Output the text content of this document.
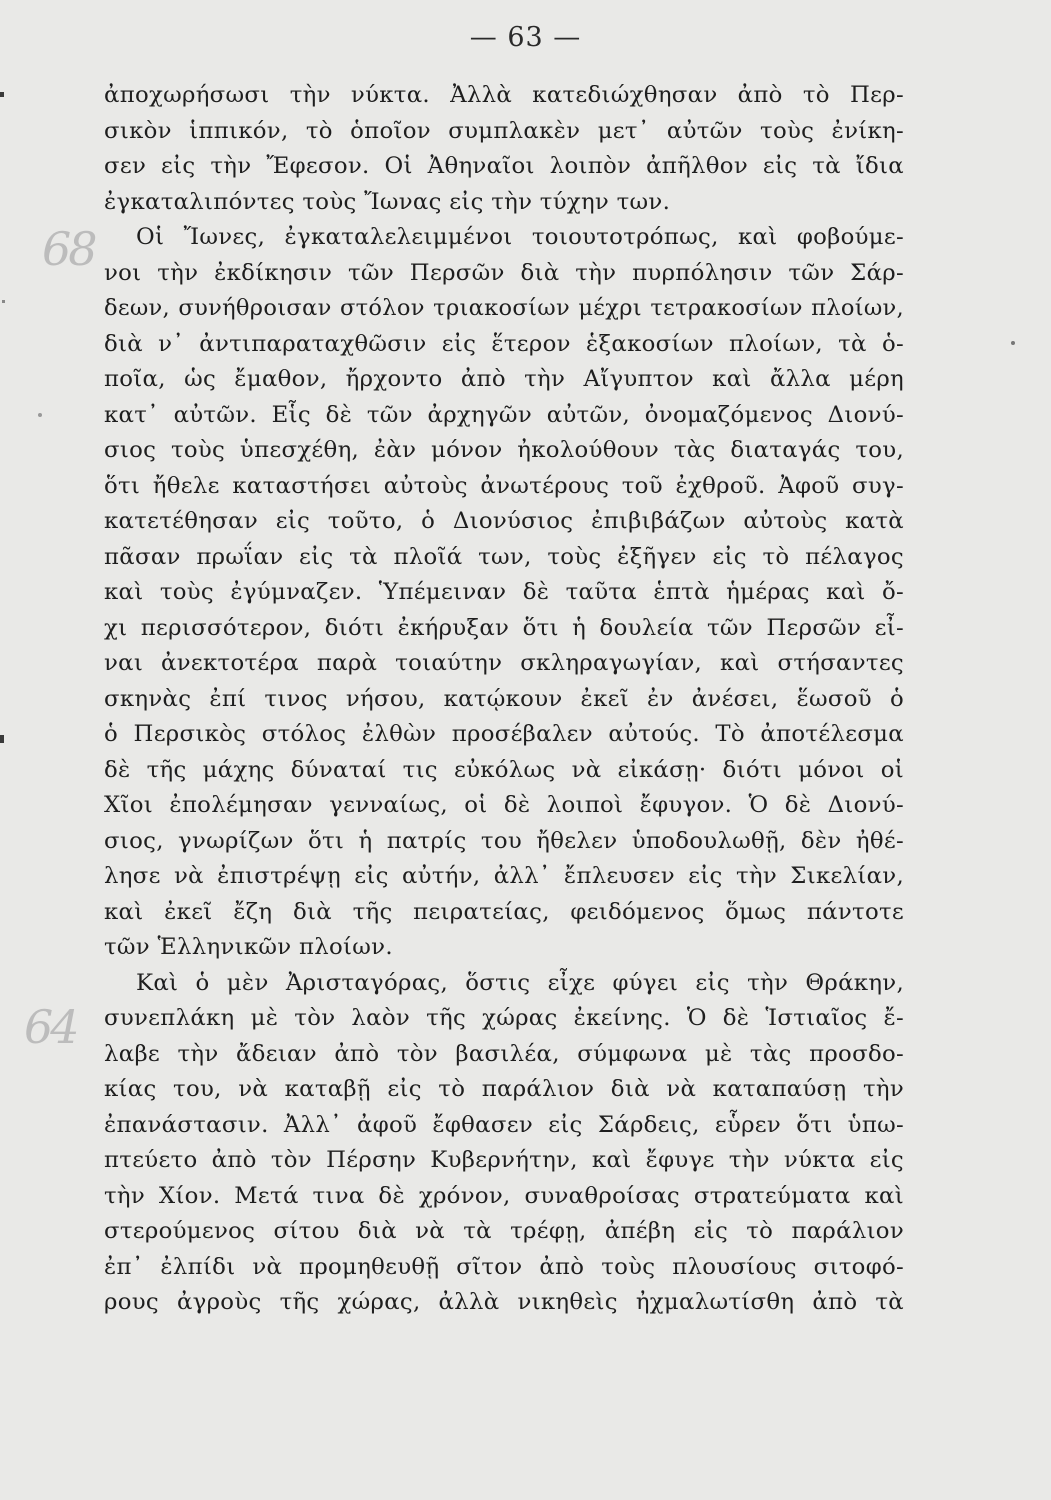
— 63 —
68
64
ἀποχωρήσωσι τὴν νύκτα. Ἀλλὰ κατεδιώχθησαν ἀπὸ τὸ Περ-
σικὸν ἱππικόν, τὸ ὁποῖον συμπλακὲν μετ᾿ αὐτῶν τοὺς ἐνίκη-
σεν εἰς τὴν Ἔφεσον. Οἱ Ἀθηναῖοι λοιπὸν ἀπῆλθον εἰς τὰ ἴδια
ἐγκαταλιπόντες τοὺς Ἴωνας εἰς τὴν τύχην των.
Οἱ Ἴωνες, ἐγκαταλελειμμένοι τοιουτοτρόπως, καὶ φοβούμε-
νοι τὴν ἐκδίκησιν τῶν Περσῶν διὰ τὴν πυρπόλησιν τῶν Σάρ-
δεων, συνήθροισαν στόλον τριακοσίων μέχρι τετρακοσίων πλοίων,
διὰ ν᾿ ἀντιπαραταχθῶσιν εἰς ἕτερον ἑξακοσίων πλοίων, τὰ ὁ-
ποῖα, ὡς ἔμαθον, ἤρχοντο ἀπὸ τὴν Αἴγυπτον καὶ ἄλλα μέρη
κατ᾿ αὐτῶν. Εἷς δὲ τῶν ἀρχηγῶν αὐτῶν, ὀνομαζόμενος Διονύ-
σιος τοὺς ὑπεσχέθη, ἐὰν μόνον ἠκολούθουν τὰς διαταγάς του,
ὅτι ἤθελε καταστήσει αὐτοὺς ἀνωτέρους τοῦ ἐχθροῦ. Ἀφοῦ συγ-
κατετέθησαν εἰς τοῦτο, ὁ Διονύσιος ἐπιβιβάζων αὐτοὺς κατὰ
πᾶσαν πρωΐαν εἰς τὰ πλοῖά των, τοὺς ἐξῆγεν εἰς τὸ πέλαγος
καὶ τοὺς ἐγύμναζεν. Ὑπέμειναν δὲ ταῦτα ἑπτὰ ἡμέρας καὶ ὄ-
χι περισσότερον, διότι ἐκήρυξαν ὅτι ἡ δουλεία τῶν Περσῶν εἶ-
ναι ἀνεκτοτέρα παρὰ τοιαύτην σκληραγωγίαν, καὶ στήσαντες
σκηνὰς ἐπί τινος νήσου, κατῴκουν ἐκεῖ ἐν ἀνέσει, ἕωσοῦ ὁ
ὁ Περσικὸς στόλος ἐλθὼν προσέβαλεν αὐτούς. Τὸ ἀποτέλεσμα
δὲ τῆς μάχης δύναταί τις εὐκόλως νὰ εἰκάσῃ· διότι μόνοι οἱ
Χῖοι ἐπολέμησαν γενναίως, οἱ δὲ λοιποὶ ἔφυγον. Ὁ δὲ Διονύ-
σιος, γνωρίζων ὅτι ἡ πατρίς του ἤθελεν ὑποδουλωθῇ, δὲν ἠθέ-
λησε νὰ ἐπιστρέψῃ εἰς αὐτήν, ἀλλ᾿ ἔπλευσεν εἰς τὴν Σικελίαν,
καὶ ἐκεῖ ἔζη διὰ τῆς πειρατείας, φειδόμενος ὅμως πάντοτε
τῶν Ἑλληνικῶν πλοίων.
Καὶ ὁ μὲν Ἀρισταγόρας, ὅστις εἶχε φύγει εἰς τὴν Θράκην,
συνεπλάκη μὲ τὸν λαὸν τῆς χώρας ἐκείνης. Ὁ δὲ Ἱστιαῖος ἔ-
λαβε τὴν ἄδειαν ἀπὸ τὸν βασιλέα, σύμφωνα μὲ τὰς προσδο-
κίας του, νὰ καταβῇ εἰς τὸ παράλιον διὰ νὰ καταπαύσῃ τὴν
ἐπανάστασιν. Ἀλλ᾿ ἀφοῦ ἔφθασεν εἰς Σάρδεις, εὗρεν ὅτι ὑπω-
πτεύετο ἀπὸ τὸν Πέρσην Κυβερνήτην, καὶ ἔφυγε τὴν νύκτα εἰς
τὴν Χίον. Μετά τινα δὲ χρόνον, συναθροίσας στρατεύματα καὶ
στερούμενος σίτου διὰ νὰ τὰ τρέφῃ, ἀπέβη εἰς τὸ παράλιον
ἐπ᾿ ἐλπίδι νὰ προμηθευθῇ σῖτον ἀπὸ τοὺς πλουσίους σιτοφό-
ρους ἀγροὺς τῆς χώρας, ἀλλὰ νικηθεὶς ἠχμαλωτίσθη ἀπὸ τὰ
